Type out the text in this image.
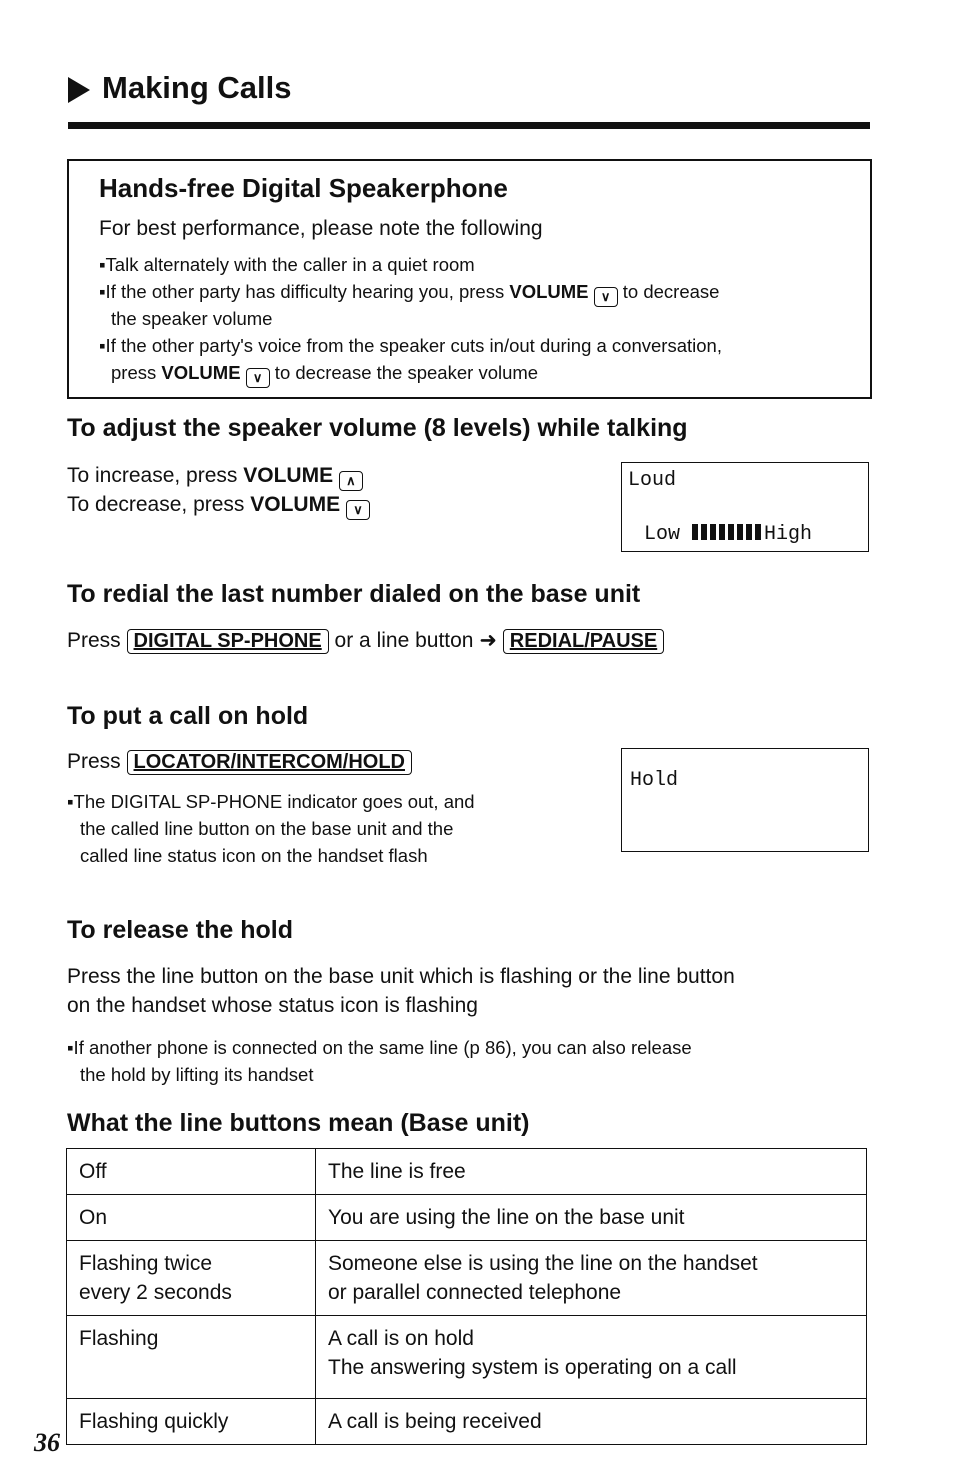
Making Calls
Hands-free Digital Speakerphone
For best performance, please note the following
▪Talk alternately with the caller in a quiet room
▪If the other party has difficulty hearing you, press VOLUME ∨ to decrease
the speaker volume
▪If the other party's voice from the speaker cuts in/out during a conversation,
press VOLUME ∨ to decrease the speaker volume
To adjust the speaker volume (8 levels) while talking
To increase, press VOLUME ∧
To decrease, press VOLUME ∨
Loud
Low	High
To redial the last number dialed on the base unit
Press DIGITAL SP-PHONE or a line button ➜ REDIAL/PAUSE
To put a call on hold
Press LOCATOR/INTERCOM/HOLD
▪The DIGITAL SP-PHONE indicator goes out, and
the called line button on the base unit and the
called line status icon on the handset flash
Hold
To release the hold
Press the line button on the base unit which is flashing or the line button
on the handset whose status icon is flashing
▪If another phone is connected on the same line (p 86), you can also release
the hold by lifting its handset
What the line buttons mean (Base unit)
Off	The line is free
On	You are using the line on the base unit
Flashing twice
every 2 seconds	Someone else is using the line on the handset
or parallel connected telephone
Flashing	A call is on hold
The answering system is operating on a call
Flashing quickly	A call is being received
36
